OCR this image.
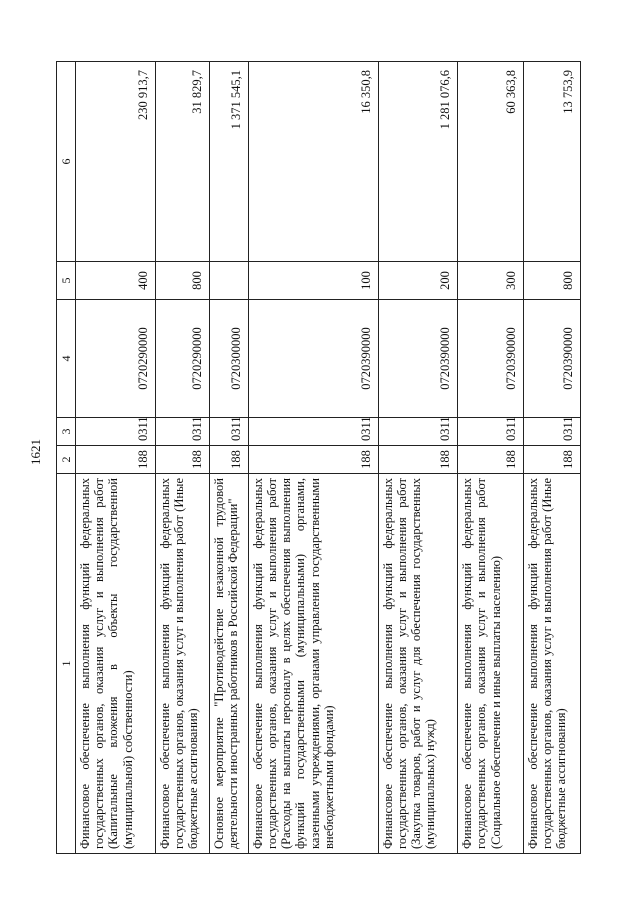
1621
1	2	3	4	5	6
Финансовое обеспечение выполнения функций федеральных государственных органов, оказания услуг и выполнения работ (Капитальные вложения в объекты государственной (муниципальной) собственности)	188	0311	0720290000	400	230 913,7
Финансовое обеспечение выполнения функций федеральных государственных органов, оказания услуг и выполнения работ (Иные бюджетные ассигнования)	188	0311	0720290000	800	31 829,7
Основное мероприятие "Противодействие незаконной трудовой деятельности иностранных работников в Российской Федерации"	188	0311	0720300000		1 371 545,1
Финансовое обеспечение выполнения функций федеральных государственных органов, оказания услуг и выполнения работ (Расходы на выплаты персоналу в целях обеспечения выполнения функций государственными (муниципальными) органами, казенными учреждениями, органами управления государственными внебюджетными фондами)	188	0311	0720390000	100	16 350,8
Финансовое обеспечение выполнения функций федеральных государственных органов, оказания услуг и выполнения работ (Закупка товаров, работ и услуг для обеспечения государственных (муниципальных) нужд)	188	0311	0720390000	200	1 281 076,6
Финансовое обеспечение выполнения функций федеральных государственных органов, оказания услуг и выполнения работ (Социальное обеспечение и иные выплаты населению)	188	0311	0720390000	300	60 363,8
Финансовое обеспечение выполнения функций федеральных государственных органов, оказания услуг и выполнения работ (Иные бюджетные ассигнования)	188	0311	0720390000	800	13 753,9
